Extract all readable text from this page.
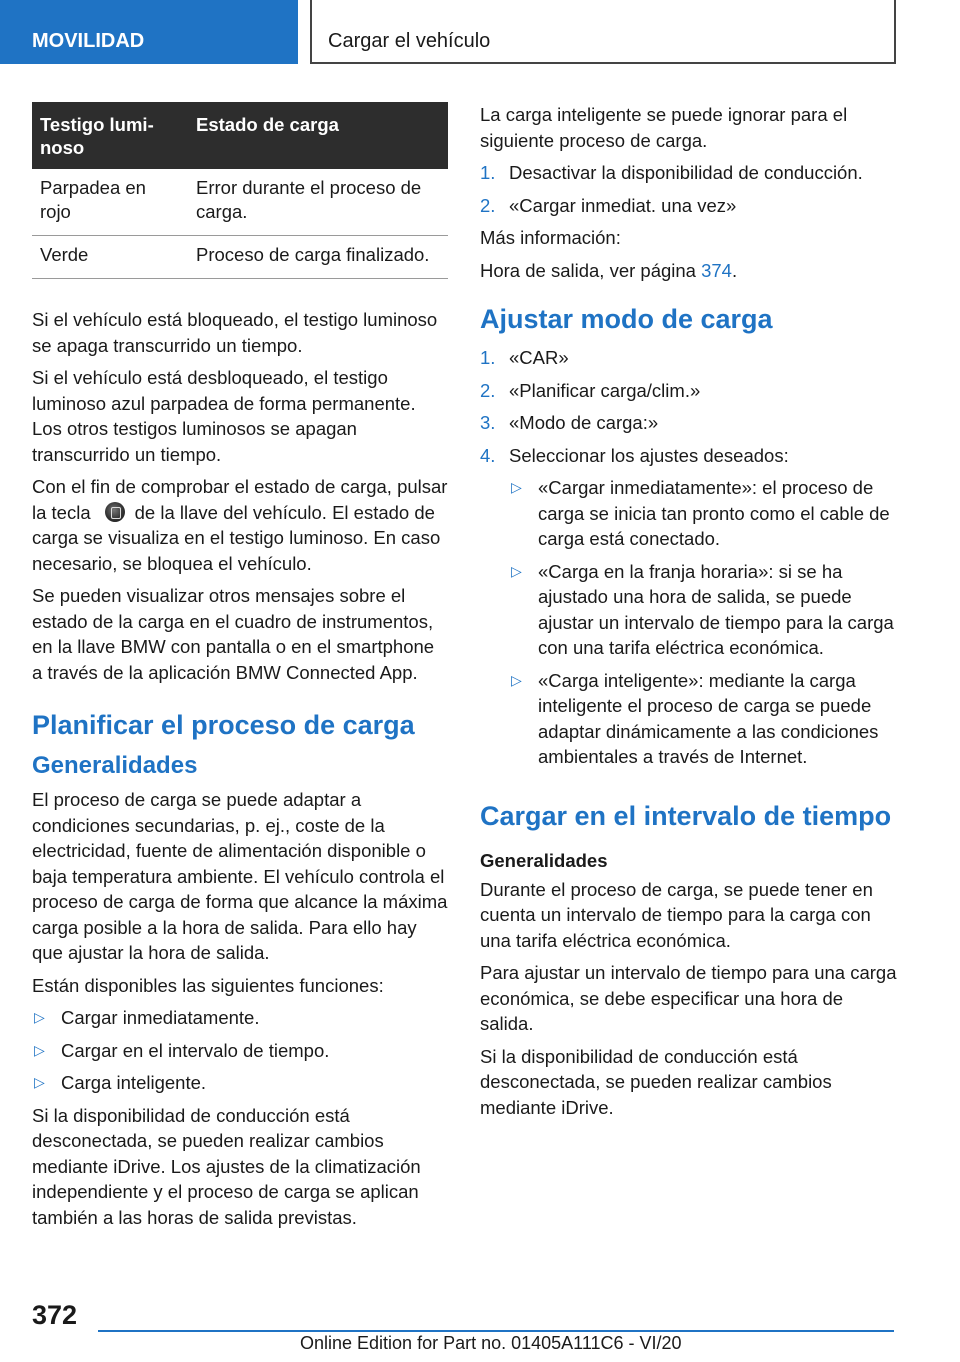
MOVILIDAD	Cargar el vehículo
Testigo lumi-noso	Estado de carga
Parpadea en rojo	Error durante el proceso de carga.
Verde	Proceso de carga finalizado.

Si el vehículo está bloqueado, el testigo luminoso se apaga transcurrido un tiempo.

Si el vehículo está desbloqueado, el testigo luminoso azul parpadea de forma permanente. Los otros testigos luminosos se apagan transcurrido un tiempo.

Con el fin de comprobar el estado de carga, pulsar la tecla de la llave del vehículo. El estado de carga se visualiza en el testigo luminoso. En caso necesario, se bloquea el vehículo.

Se pueden visualizar otros mensajes sobre el estado de la carga en el cuadro de instrumentos, en la llave BMW con pantalla o en el smartphone a través de la aplicación BMW Connected App.

Planificar el proceso de carga
Generalidades

El proceso de carga se puede adaptar a condiciones secundarias, p. ej., coste de la electricidad, fuente de alimentación disponible o baja temperatura ambiente. El vehículo controla el proceso de carga de forma que alcance la máxima carga posible a la hora de salida. Para ello hay que ajustar la hora de salida.

Están disponibles las siguientes funciones:

▷ Cargar inmediatamente.
▷ Cargar en el intervalo de tiempo.
▷ Carga inteligente.

Si la disponibilidad de conducción está desconectada, se pueden realizar cambios mediante iDrive. Los ajustes de la climatización independiente y el proceso de carga se aplican también a las horas de salida previstas.

La carga inteligente se puede ignorar para el siguiente proceso de carga.

1. Desactivar la disponibilidad de conducción.
2. «Cargar inmediat. una vez»

Más información:

Hora de salida, ver página 374.

Ajustar modo de carga
1. «CAR»
2. «Planificar carga/clim.»
3. «Modo de carga:»
4. Seleccionar los ajustes deseados:
▷ «Cargar inmediatamente»: el proceso de carga se inicia tan pronto como el cable de carga está conectado.
▷ «Carga en la franja horaria»: si se ha ajustado una hora de salida, se puede ajustar un intervalo de tiempo para la carga con una tarifa eléctrica económica.
▷ «Carga inteligente»: mediante la carga inteligente el proceso de carga se puede adaptar dinámicamente a las condiciones ambientales a través de Internet.
Cargar en el intervalo de tiempo
Generalidades

Durante el proceso de carga, se puede tener en cuenta un intervalo de tiempo para la carga con una tarifa eléctrica económica.

Para ajustar un intervalo de tiempo para una carga económica, se debe especificar una hora de salida.

Si la disponibilidad de conducción está desconectada, se pueden realizar cambios mediante iDrive.

372
Online Edition for Part no. 01405A111C6 - VI/20
